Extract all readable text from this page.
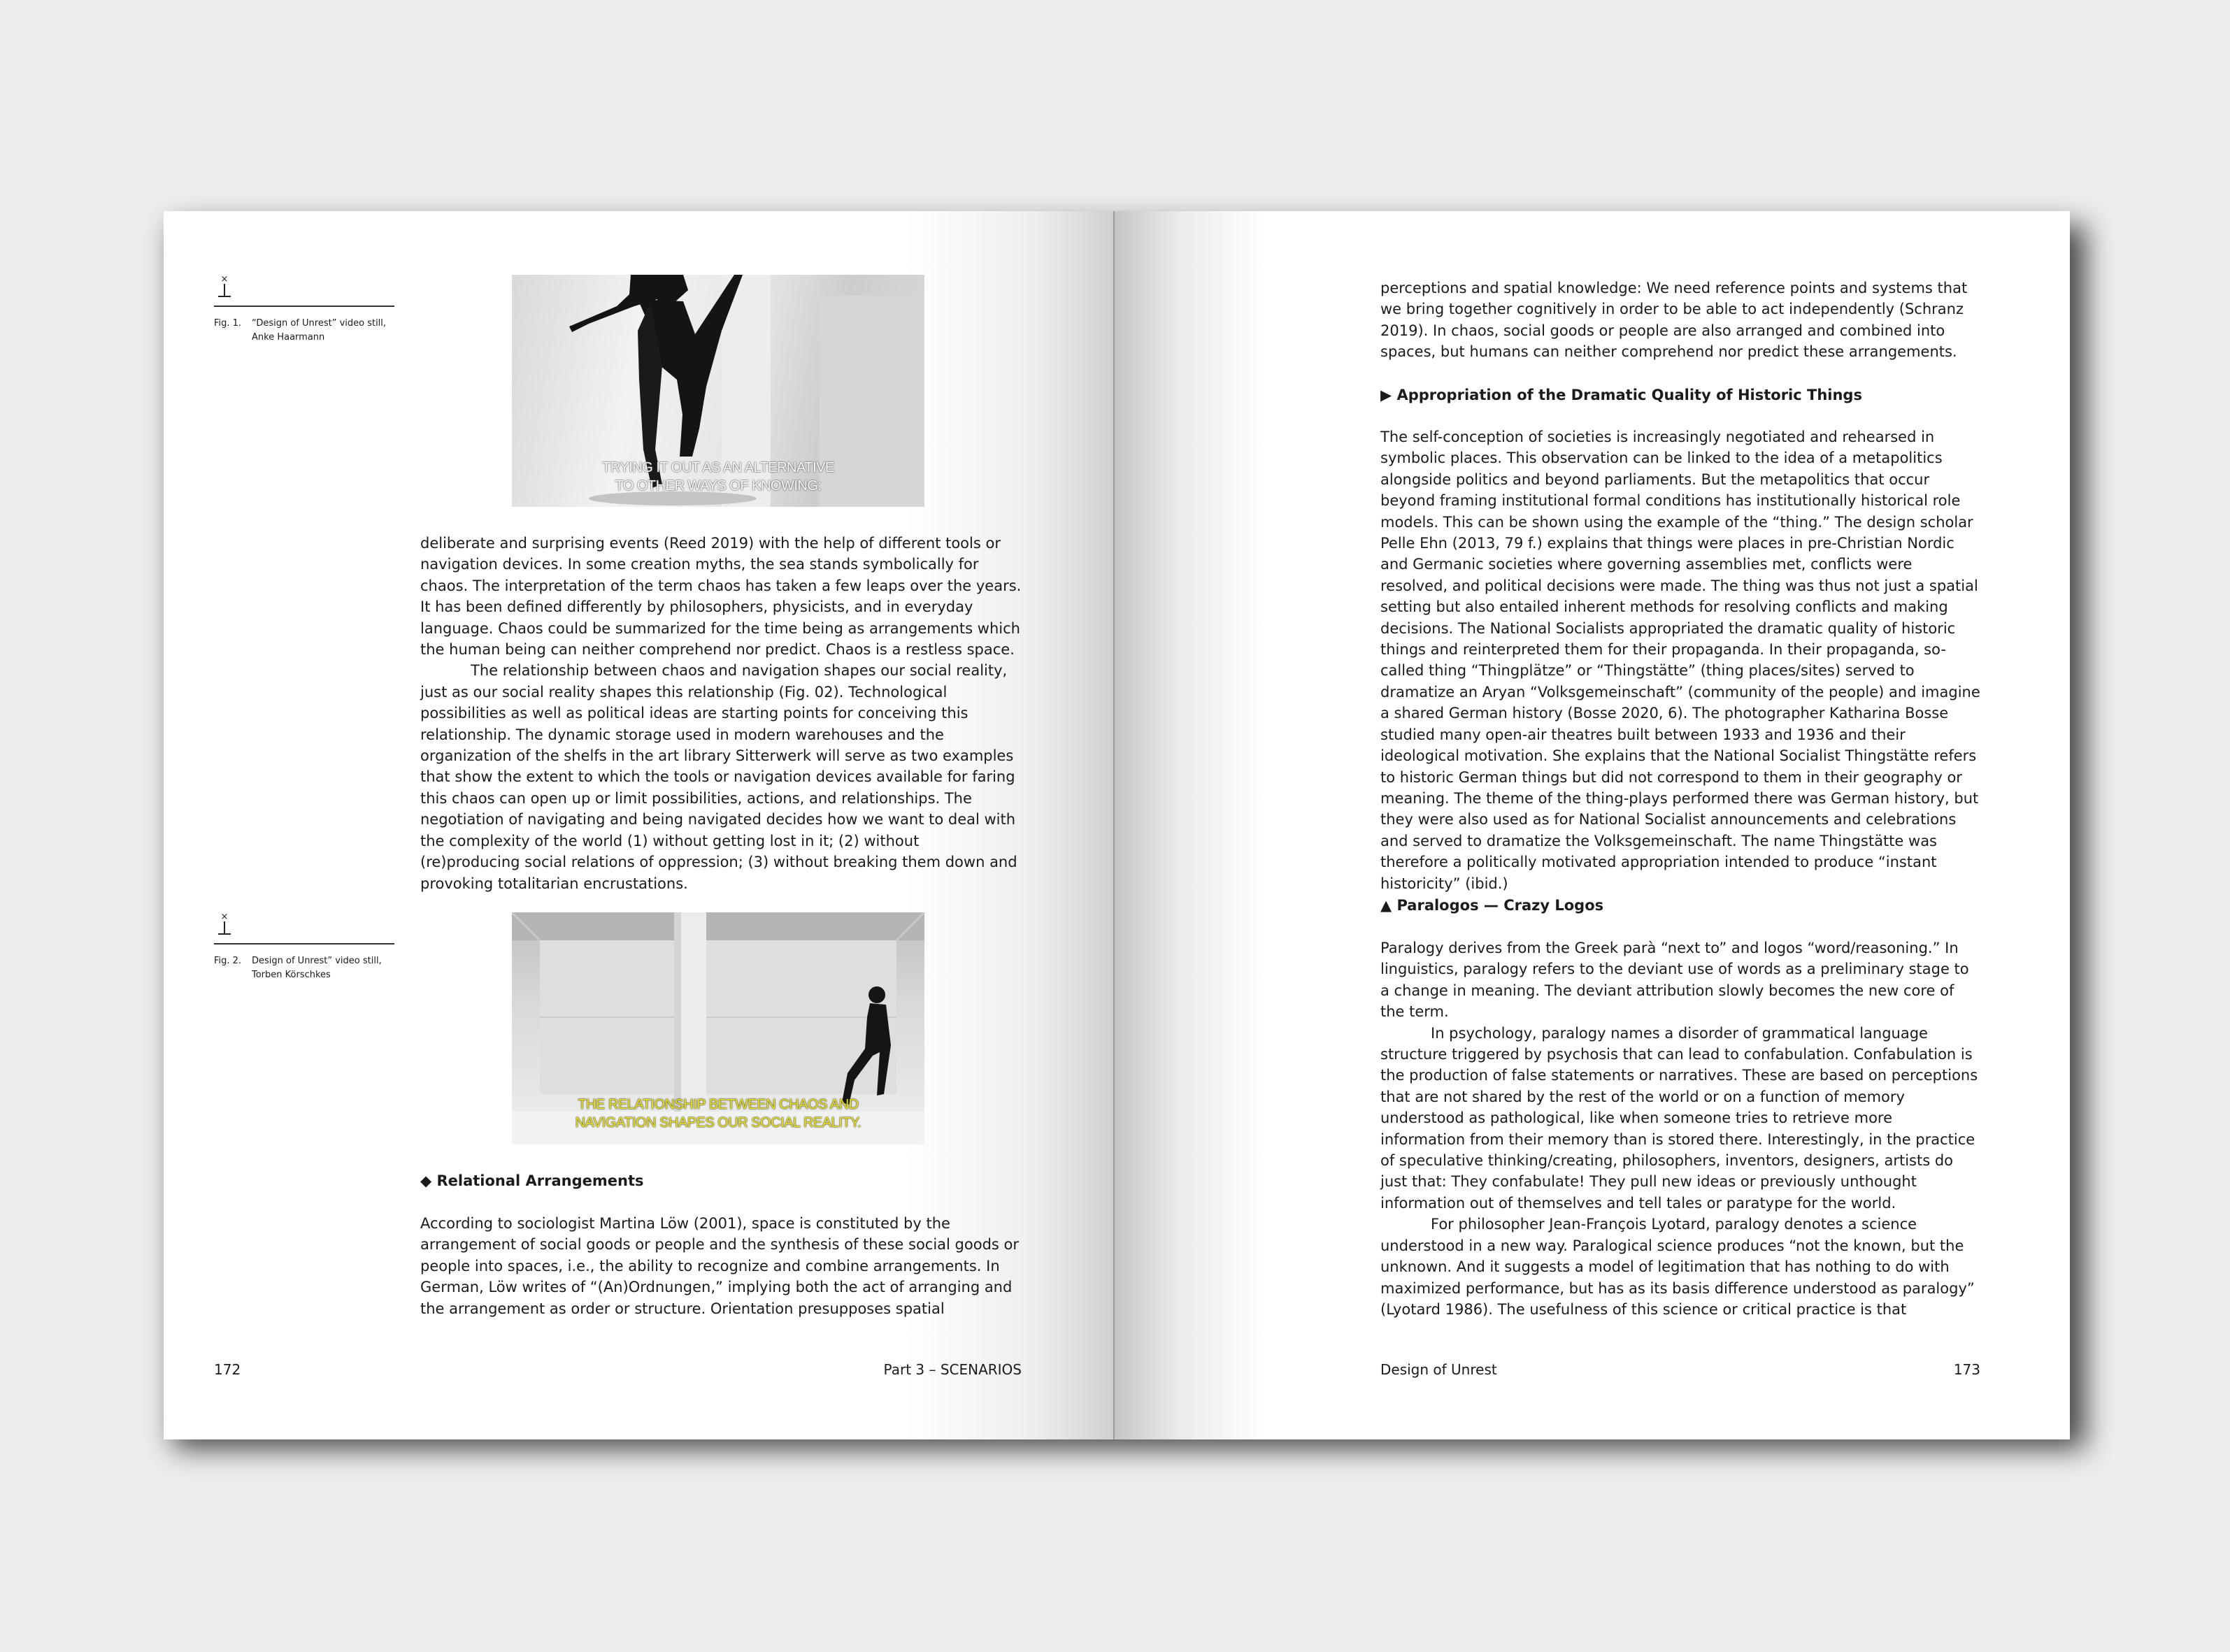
×
Fig. 1. “Design of Unrest” video still,
Anke Haarmann
TRYING IT OUT AS AN ALTERNATIVE
TO OTHER WAYS OF KNOWING:

deliberate and surprising events (Reed 2019) with the help of different tools or navigation devices. In some creation myths, the sea stands symbolically for chaos. The interpretation of the term chaos has taken a few leaps over the years. It has been defined differently by philosophers, physicists, and in everyday language. Chaos could be summarized for the time being as arrangements which the human being can neither comprehend nor predict. Chaos is a restless space.

The relationship between chaos and navigation shapes our social reality, just as our social reality shapes this relationship (Fig. 02). Technological possibilities as well as political ideas are starting points for conceiving this relationship. The dynamic storage used in modern warehouses and the organization of the shelfs in the art library Sitterwerk will serve as two examples that show the extent to which the tools or navigation devices available for faring this chaos can open up or limit possibilities, actions, and relationships. The negotiation of navigating and being navigated decides how we want to deal with the complexity of the world (1) without getting lost in it; (2) without (re)producing social relations of oppression; (3) without breaking them down and provoking totalitarian encrustations.

×
Fig. 2. Design of Unrest” video still,
Torben Körschkes
THE RELATIONSHIP BETWEEN CHAOS AND
NAVIGATION SHAPES OUR SOCIAL REALITY.
◆ Relational Arrangements

According to sociologist Martina Löw (2001), space is constituted by the arrangement of social goods or people and the synthesis of these social goods or people into spaces, i.e., the ability to recognize and combine arrangements. In German, Löw writes of “(An)Ordnungen,” implying both the act of arranging and the arrangement as order or structure. Orientation presupposes spatial

172	Part 3 – SCENARIOS

perceptions and spatial knowledge: We need reference points and systems that we bring together cognitively in order to be able to act independently (Schranz 2019). In chaos, social goods or people are also arranged and combined into spaces, but humans can neither comprehend nor predict these arrangements.

▶ Appropriation of the Dramatic Quality of Historic Things

The self-conception of societies is increasingly negotiated and rehearsed in symbolic places. This observation can be linked to the idea of a metapolitics alongside politics and beyond parliaments. But the metapolitics that occur beyond framing institutional formal conditions has institutionally historical role models. This can be shown using the example of the “thing.” The design scholar Pelle Ehn (2013, 79 f.) explains that things were places in pre-Christian Nordic and Germanic societies where governing assemblies met, conflicts were resolved, and political decisions were made. The thing was thus not just a spatial setting but also entailed inherent methods for resolving conflicts and making decisions. The National Socialists appropriated the dramatic quality of historic things and reinterpreted them for their propaganda. In their propaganda, so-called thing “Thingplätze” or “Thingstätte” (thing places/sites) served to dramatize an Aryan “Volksgemeinschaft” (community of the people) and imagine a shared German history (Bosse 2020, 6). The photographer Katharina Bosse studied many open-air theatres built between 1933 and 1936 and their ideological motivation. She explains that the National Socialist Thingstätte refers to historic German things but did not correspond to them in their geography or meaning. The theme of the thing-plays performed there was German history, but they were also used as for National Socialist announcements and celebrations and served to dramatize the Volksgemeinschaft. The name Thingstätte was therefore a politically motivated appropriation intended to produce “instant historicity” (ibid.)

▲ Paralogos — Crazy Logos

Paralogy derives from the Greek parà “next to” and logos “word/reasoning.” In linguistics, paralogy refers to the deviant use of words as a preliminary stage to a change in meaning. The deviant attribution slowly becomes the new core of the term.

In psychology, paralogy names a disorder of grammatical language structure triggered by psychosis that can lead to confabulation. Confabulation is the production of false statements or narratives. These are based on perceptions that are not shared by the rest of the world or on a function of memory understood as pathological, like when someone tries to retrieve more information from their memory than is stored there. Interestingly, in the practice of speculative thinking/creating, philosophers, inventors, designers, artists do just that: They confabulate! They pull new ideas or previously unthought information out of themselves and tell tales or paratype for the world.

For philosopher Jean-François Lyotard, paralogy denotes a science understood in a new way. Paralogical science produces “not the known, but the unknown. And it suggests a model of legitimation that has nothing to do with maximized performance, but has as its basis difference understood as paralogy” (Lyotard 1986). The usefulness of this science or critical practice is that

Design of Unrest	173
